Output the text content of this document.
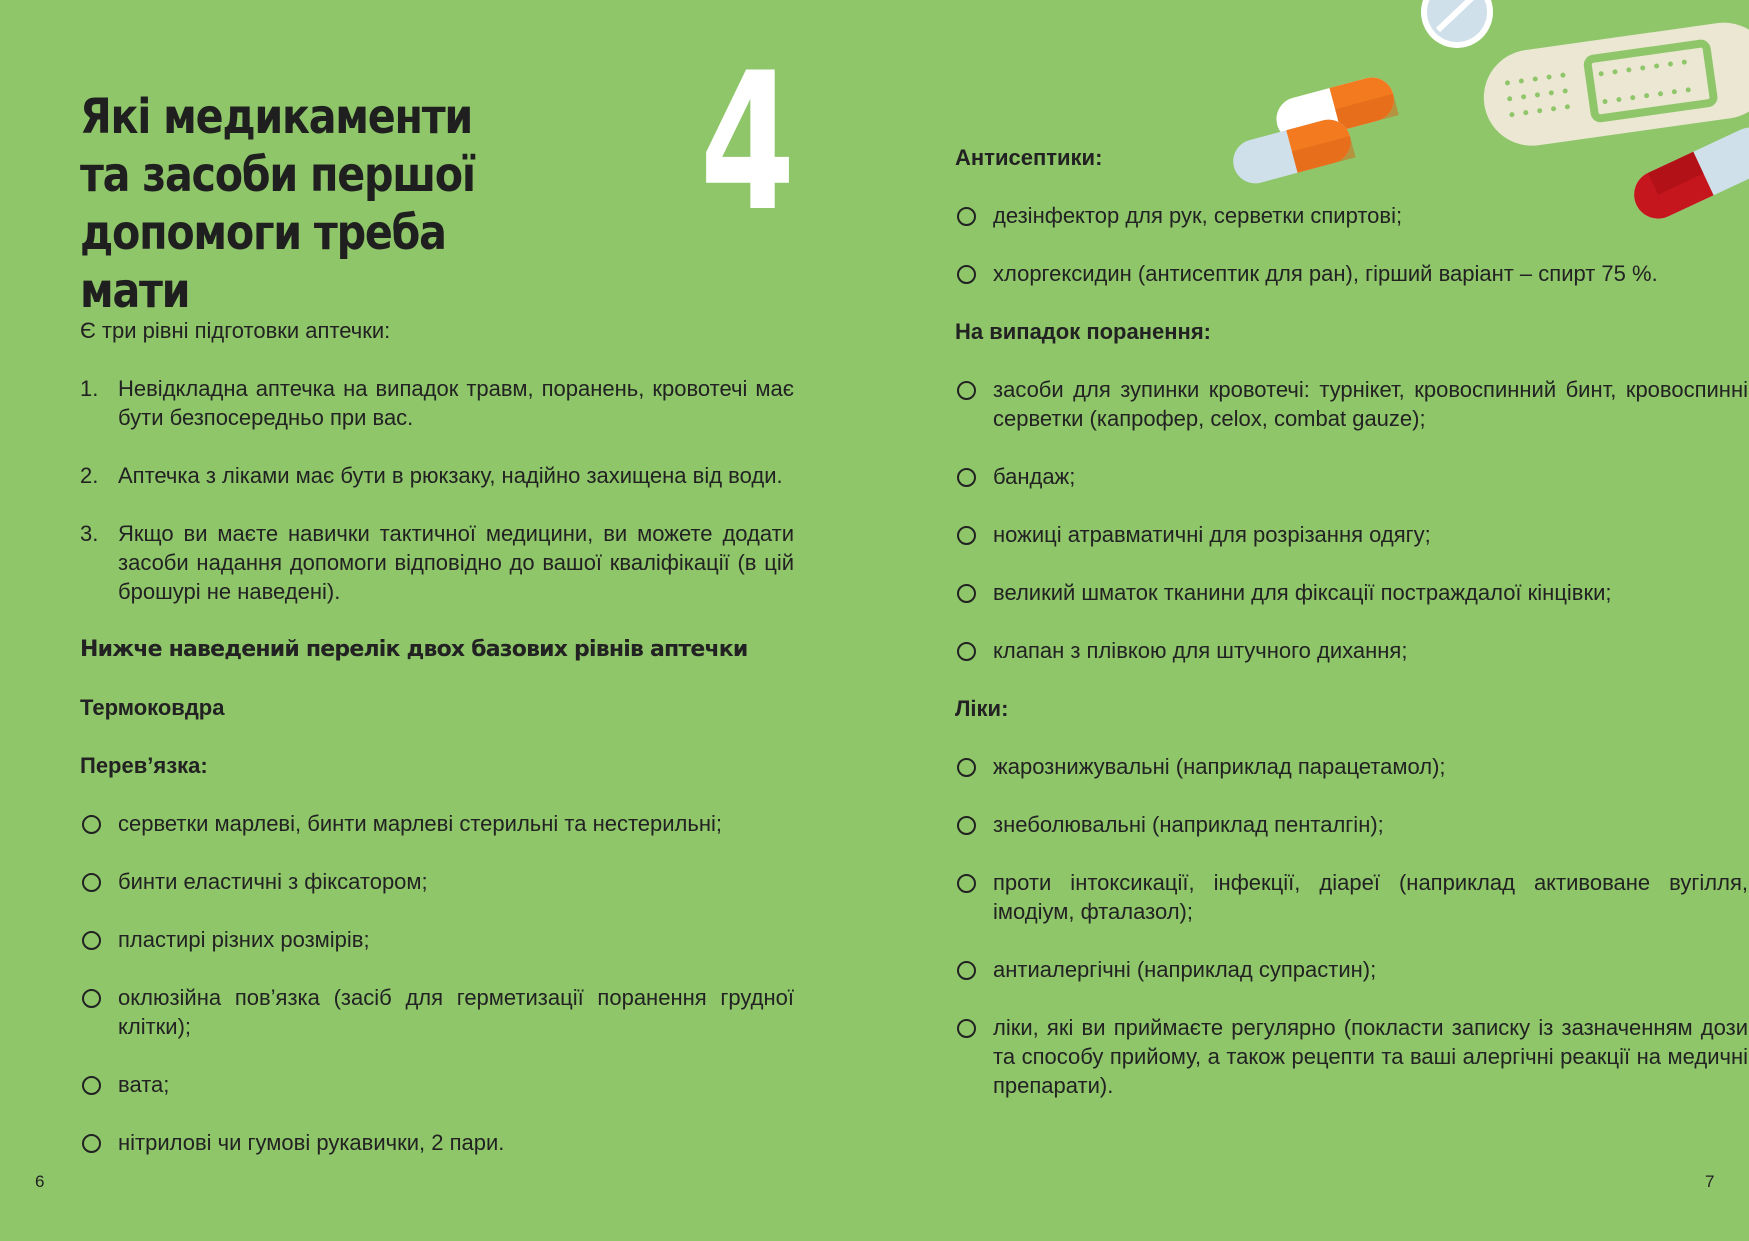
Які медикаменти
та засоби першої
допомоги треба мати
4

Є три рівні підготовки аптечки:

1. Невідкладна аптечка на випадок травм, поранень, кровотечі має бути безпосередньо при вас.
2. Аптечка з ліками має бути в рюкзаку, надійно захищена від води.
3. Якщо ви маєте навички тактичної медицини, ви можете додати засоби надання допомоги відповідно до вашої кваліфікації (в цій брошурі не наведені).

Нижче наведений перелік двох базових рівнів аптечки

Термоковдра

Перев’язка:

серветки марлеві, бинти марлеві стерильні та нестерильні;
бинти еластичні з фіксатором;
пластирі різних розмірів;
оклюзійна пов’язка (засіб для герметизації поранення грудної клітки);
вата;
нітрилові чи гумові рукавички, 2 пари.
6

Антисептики:

дезінфектор для рук, серветки спиртові;
хлоргексидин (антисептик для ран), гірший варіант – спирт 75 %.

На випадок поранення:

засоби для зупинки кровотечі: турнікет, кровоспинний бинт, кровоспинні серветки (капрофер, celox, combat gauze);
бандаж;
ножиці атравматичні для розрізання одягу;
великий шматок тканини для фіксації постраждалої кінцівки;
клапан з плівкою для штучного дихання;

Ліки:

жарознижувальні (наприклад парацетамол);
знеболювальні (наприклад пенталгін);
проти інтоксикації, інфекції, діареї (наприклад активоване вугілля, імодіум, фталазол);
антиалергічні (наприклад супрастин);
ліки, які ви приймаєте регулярно (покласти записку із зазначенням дози та способу прийому, а також рецепти та ваші алергічні реакції на медичні препарати).
7
